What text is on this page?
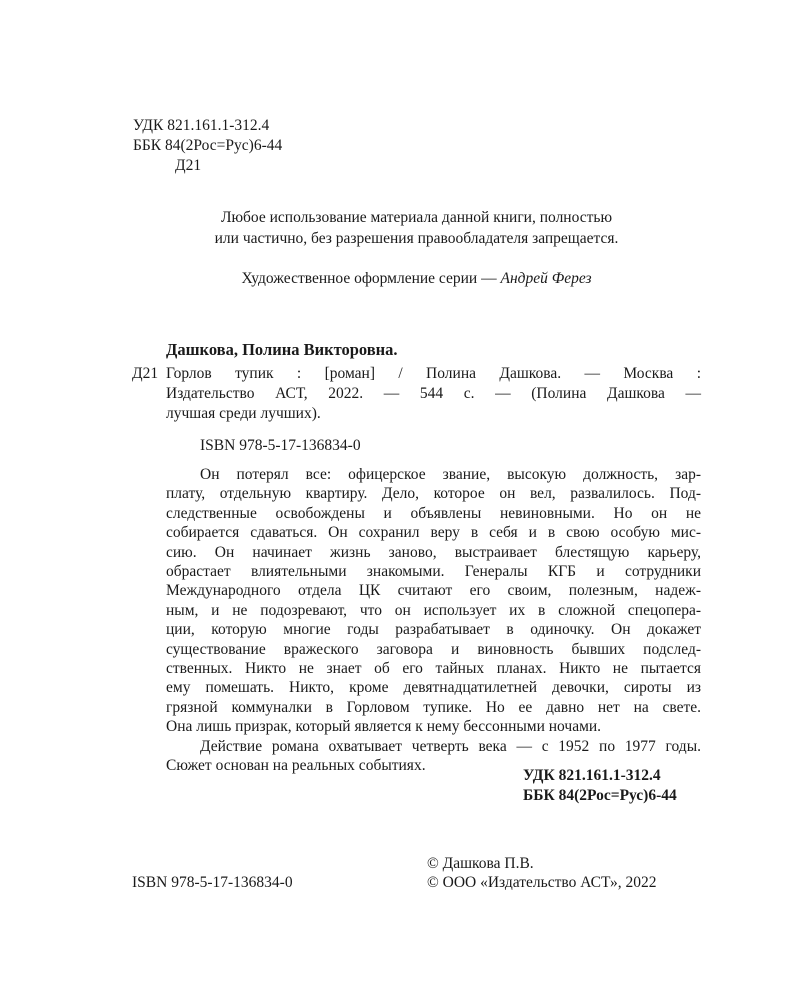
УДК 821.161.1-312.4
ББК 84(2Рос=Рус)6-44
Д21
Любое использование материала данной книги, полностью
или частично, без разрешения правообладателя запрещается.
Художественное оформление серии — Андрей Ферез
Дашкова, Полина Викторовна.
Д21 Горлов тупик : [роман] / Полина Дашкова. — Москва :
Издательство АСТ, 2022. — 544 с. — (Полина Дашкова —
лучшая среди лучших).
ISBN 978-5-17-136834-0
Он потерял все: офицерское звание, высокую должность, зар-
плату, отдельную квартиру. Дело, которое он вел, развалилось. Под-
следственные освобождены и объявлены невиновными. Но он не
собирается сдаваться. Он сохранил веру в себя и в свою особую мис-
сию. Он начинает жизнь заново, выстраивает блестящую карьеру,
обрастает влиятельными знакомыми. Генералы КГБ и сотрудники
Международного отдела ЦК считают его своим, полезным, надеж-
ным, и не подозревают, что он использует их в сложной спецопера-
ции, которую многие годы разрабатывает в одиночку. Он докажет
существование вражеского заговора и виновность бывших подслед-
ственных. Никто не знает об его тайных планах. Никто не пытается
ему помешать. Никто, кроме девятнадцатилетней девочки, сироты из
грязной коммуналки в Горловом тупике. Но ее давно нет на свете.
Она лишь призрак, который является к нему бессонными ночами.
Действие романа охватывает четверть века — с 1952 по 1977 годы.
Сюжет основан на реальных событиях.
УДК 821.161.1-312.4
ББК 84(2Рос=Рус)6-44
© Дашкова П.В.
© ООО «Издательство АСТ», 2022
ISBN 978-5-17-136834-0
